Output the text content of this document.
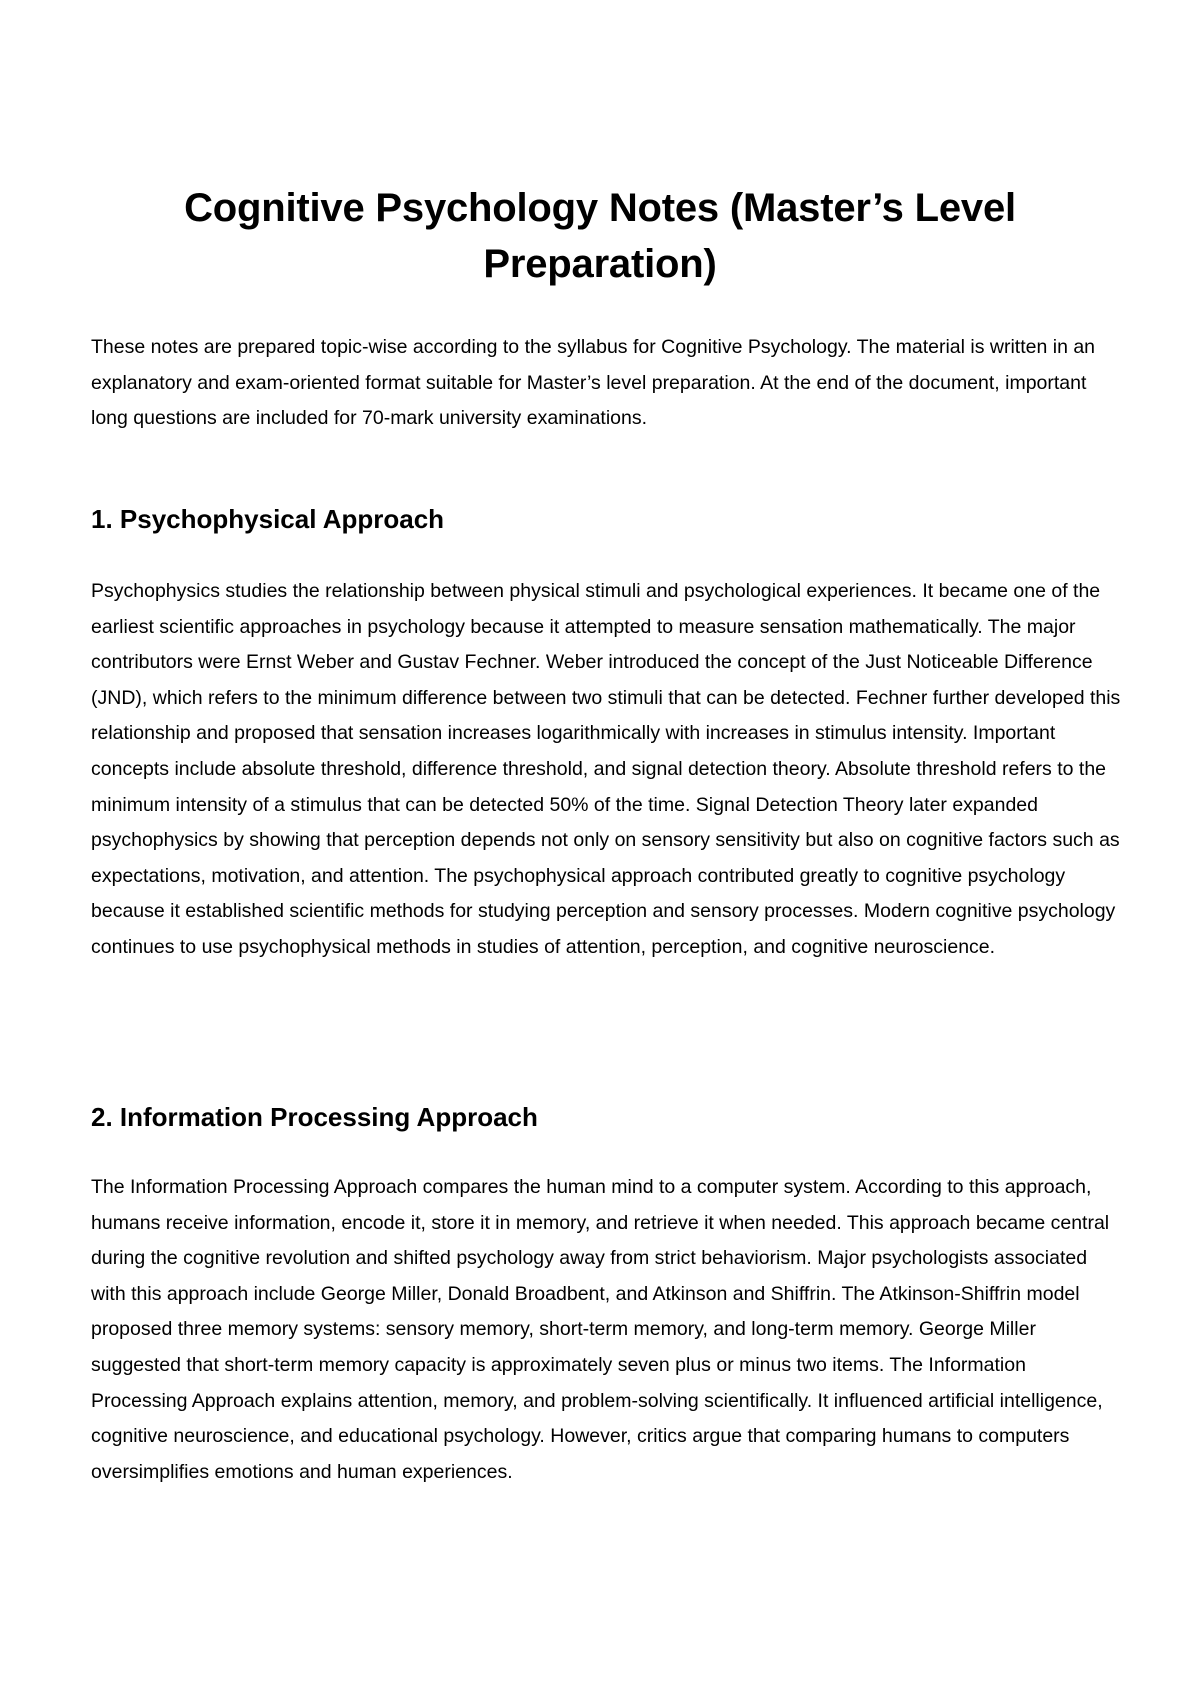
Cognitive Psychology Notes (Master’s Level Preparation)

These notes are prepared topic-wise according to the syllabus for Cognitive Psychology. The material is written in an explanatory and exam-oriented format suitable for Master’s level preparation. At the end of the document, important long questions are included for 70-mark university examinations.

1. Psychophysical Approach

Psychophysics studies the relationship between physical stimuli and psychological experiences. It became one of the earliest scientific approaches in psychology because it attempted to measure sensation mathematically. The major contributors were Ernst Weber and Gustav Fechner. Weber introduced the concept of the Just Noticeable Difference (JND), which refers to the minimum difference between two stimuli that can be detected. Fechner further developed this relationship and proposed that sensation increases logarithmically with increases in stimulus intensity. Important concepts include absolute threshold, difference threshold, and signal detection theory. Absolute threshold refers to the minimum intensity of a stimulus that can be detected 50% of the time. Signal Detection Theory later expanded psychophysics by showing that perception depends not only on sensory sensitivity but also on cognitive factors such as expectations, motivation, and attention. The psychophysical approach contributed greatly to cognitive psychology because it established scientific methods for studying perception and sensory processes. Modern cognitive psychology continues to use psychophysical methods in studies of attention, perception, and cognitive neuroscience.

2. Information Processing Approach

The Information Processing Approach compares the human mind to a computer system. According to this approach, humans receive information, encode it, store it in memory, and retrieve it when needed. This approach became central during the cognitive revolution and shifted psychology away from strict behaviorism. Major psychologists associated with this approach include George Miller, Donald Broadbent, and Atkinson and Shiffrin. The Atkinson-Shiffrin model proposed three memory systems: sensory memory, short-term memory, and long-term memory. George Miller suggested that short-term memory capacity is approximately seven plus or minus two items. The Information Processing Approach explains attention, memory, and problem-solving scientifically. It influenced artificial intelligence, cognitive neuroscience, and educational psychology. However, critics argue that comparing humans to computers oversimplifies emotions and human experiences.
